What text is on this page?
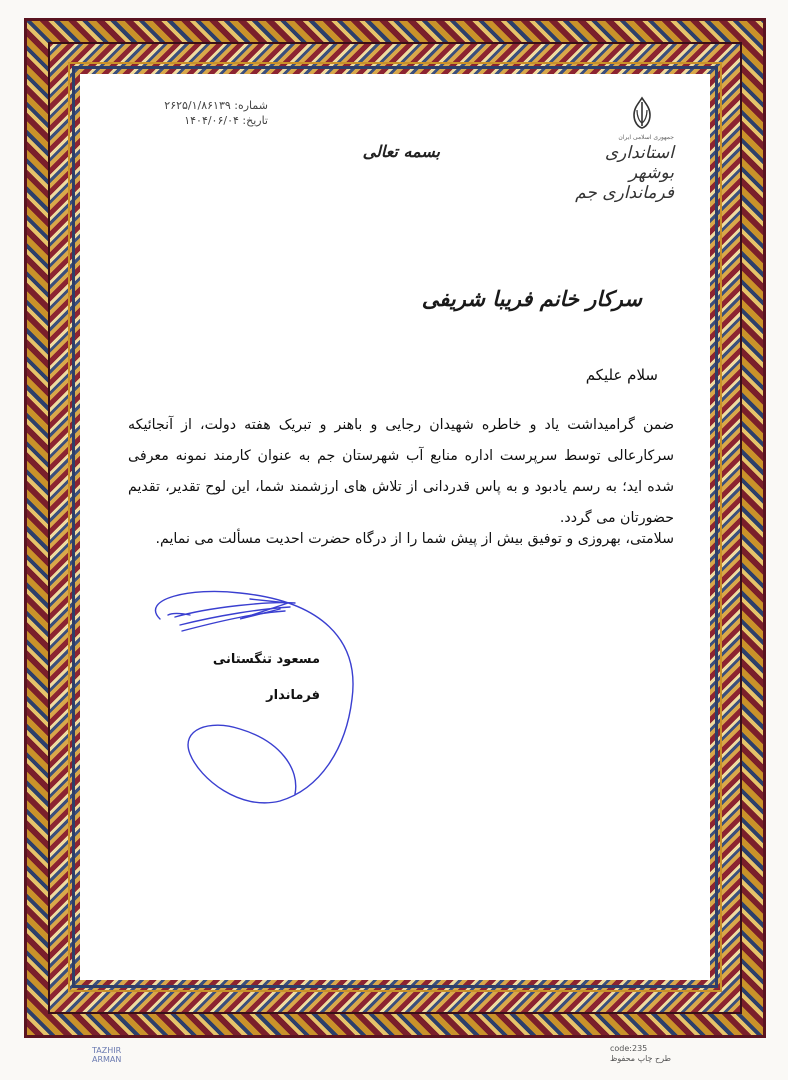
جمهوری اسلامی ایران
استانداری بوشهر
فرمانداری جم
بسمه تعالی
شماره: ۲۶۲۵/۱/۸۶۱۳۹
تاریخ: ۱۴۰۴/۰۶/۰۴
سرکار خانم فریبا شریفی
سلام علیکم
ضمن گرامیداشت یاد و خاطره شهیدان رجایی و باهنر و تبریک هفته دولت، از آنجائیکه سرکارعالی توسط سرپرست اداره منابع آب شهرستان جم به عنوان کارمند نمونه معرفی شده اید؛ به رسم یادبود و به پاس قدردانی از تلاش های ارزشمند شما، این لوح تقدیر، تقدیم حضورتان می گردد.
سلامتی، بهروزی و توفیق بیش از پیش شما را از درگاه حضرت احدیت مسألت می نمایم.
مسعود تنگستانی
فرماندار
TAZHIR
ARMAN
code:235
طرح چاپ محفوظ
